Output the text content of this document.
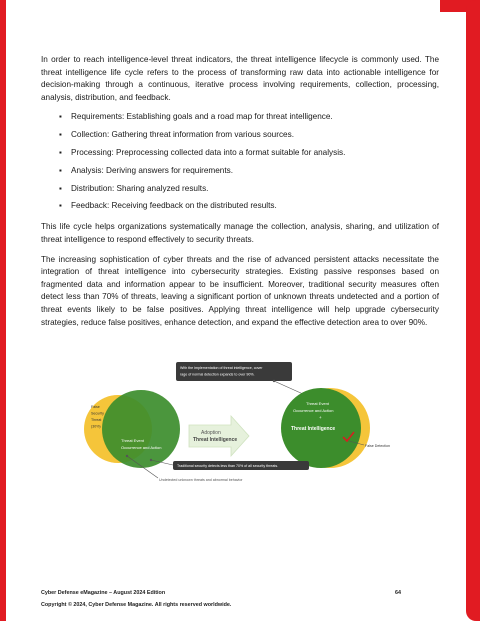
In order to reach intelligence-level threat indicators, the threat intelligence lifecycle is commonly used. The threat intelligence life cycle refers to the process of transforming raw data into actionable intelligence for decision-making through a continuous, iterative process involving requirements, collection, processing, analysis, distribution, and feedback.

▪ Requirements: Establishing goals and a road map for threat intelligence.
▪ Collection: Gathering threat information from various sources.
▪ Processing: Preprocessing collected data into a format suitable for analysis.
▪ Analysis: Deriving answers for requirements.
▪ Distribution: Sharing analyzed results.
▪ Feedback: Receiving feedback on the distributed results.

This life cycle helps organizations systematically manage the collection, analysis, sharing, and utilization of threat intelligence to respond effectively to security threats.

The increasing sophistication of cyber threats and the rise of advanced persistent attacks necessitate the integration of threat intelligence into cybersecurity strategies. Existing passive responses based on fragmented data and information appear to be insufficient. Moreover, traditional security measures often detect less than 70% of threats, leaving a significant portion of unknown threats undetected and a portion of threat events likely to be false positives. Applying threat intelligence will help upgrade cybersecurity strategies, reduce false positives, enhance detection, and expand the effective detection area to over 90%.

With the implementation of threat intelligence, cover
rage of normal detection expands to over 90%.
False
Security
Threat
(30%)
Threat Event
Occurrence and Action
Adoption
Threat Intelligence
Threat Event
Occurrence and Action
+
Threat Intelligence
False Detection
Traditional security detects less than 70% of all security threats.
Undetected unknown threats and abnormal behavior
Cyber Defense eMagazine – August 2024 Edition	64
Copyright © 2024, Cyber Defense Magazine. All rights reserved worldwide.
